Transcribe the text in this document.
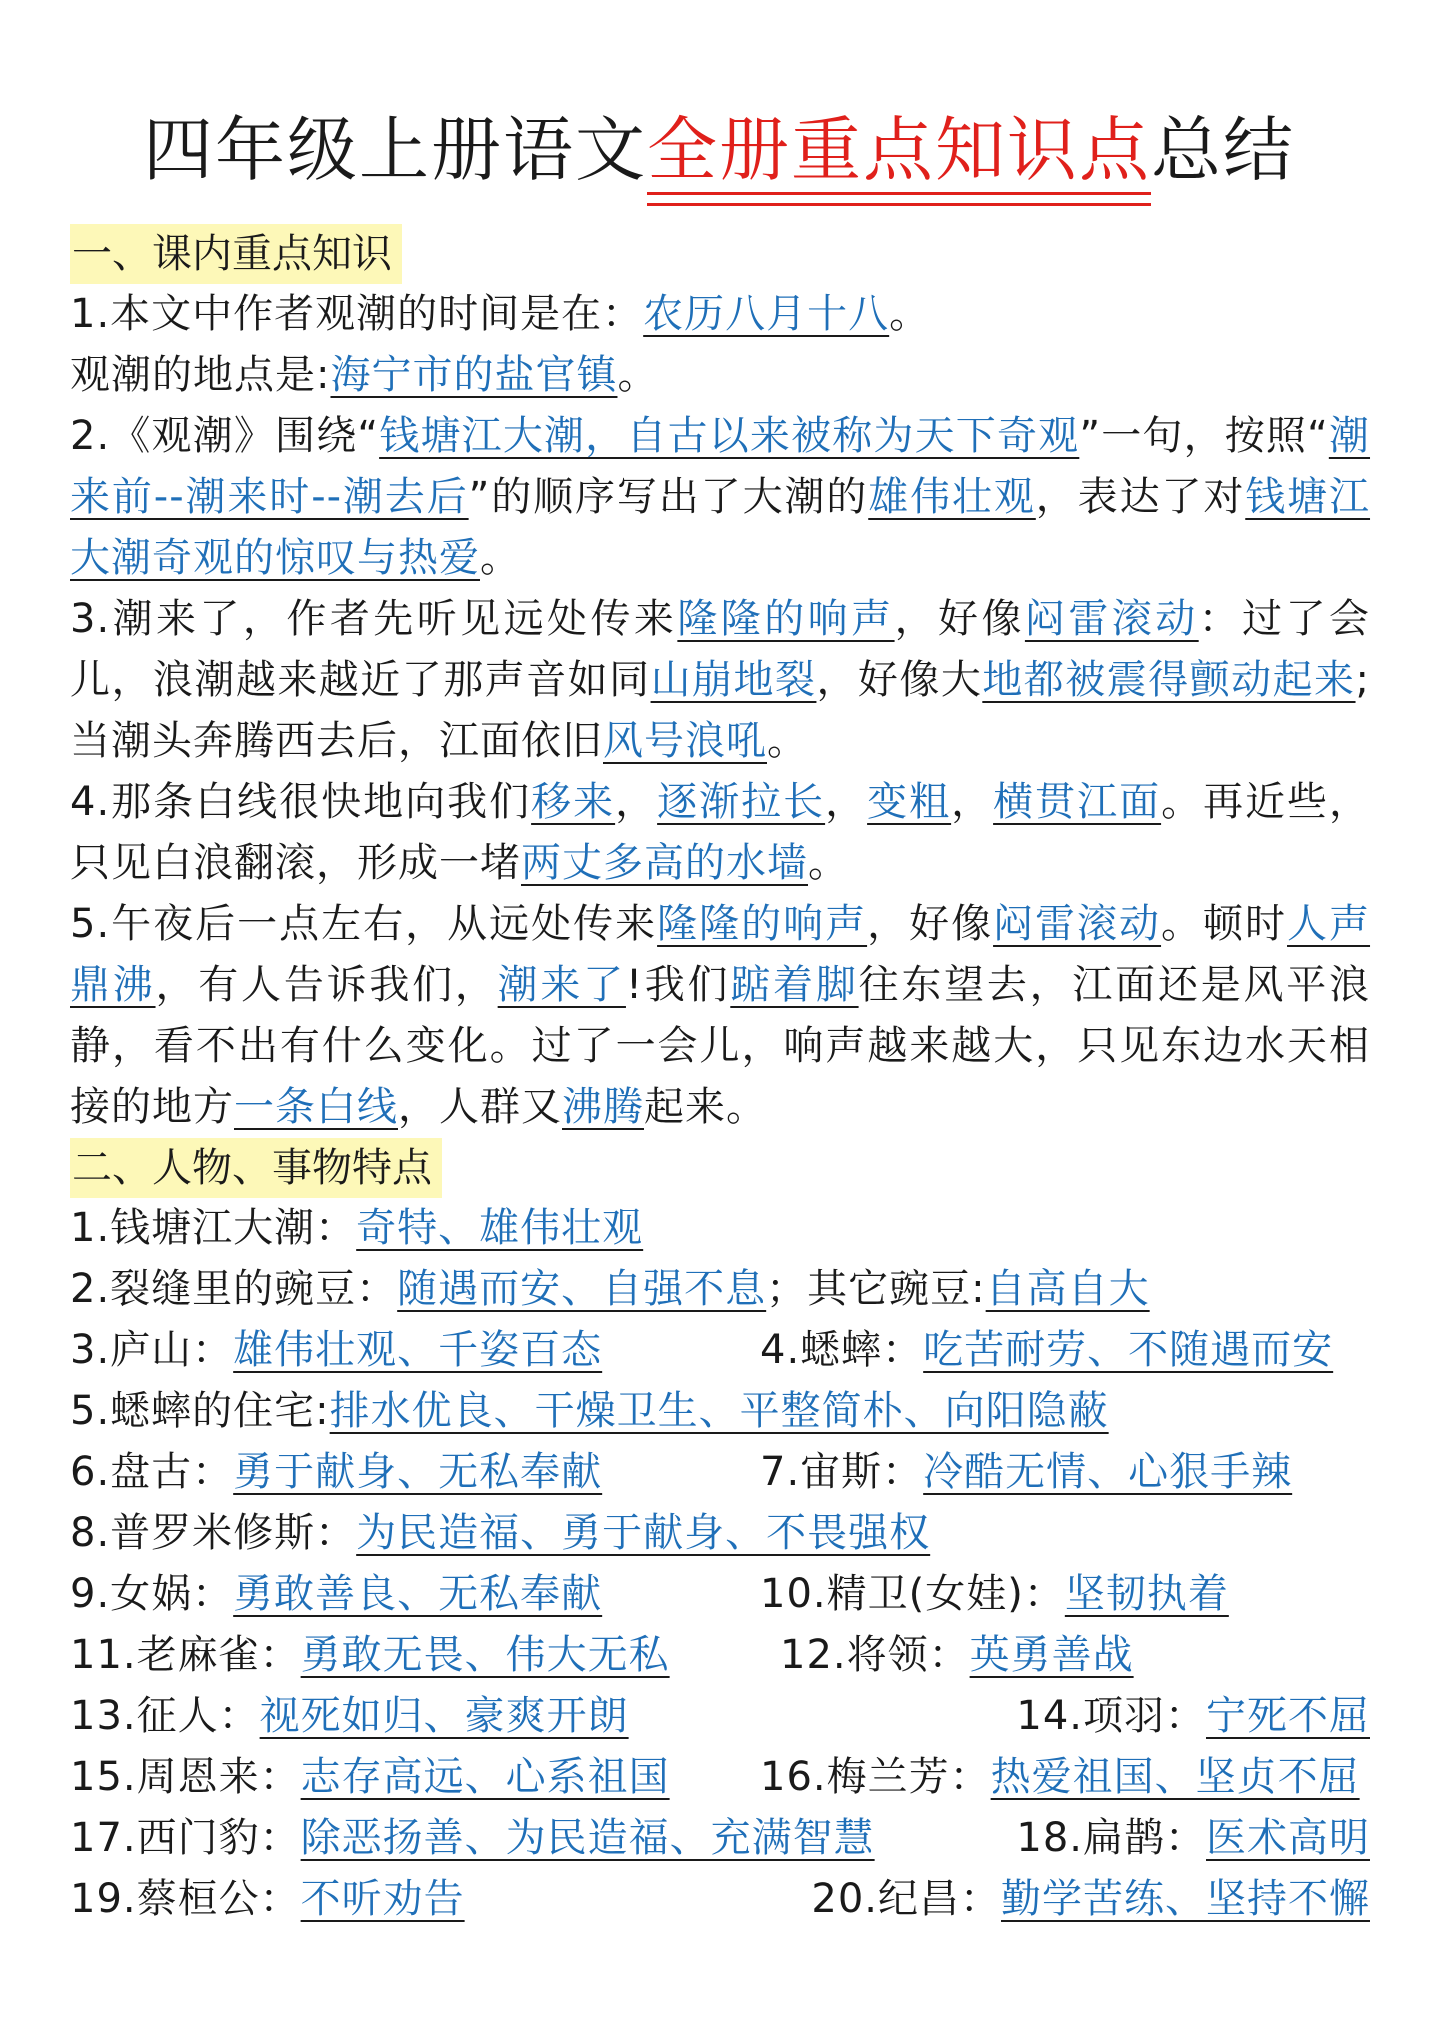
四年级上册语文全册重点知识点总结
一、课内重点知识
1.本文中作者观潮的时间是在：农历八月十八。
观潮的地点是:海宁市的盐官镇。
2.《观潮》围绕“钱塘江大潮，自古以来被称为天下奇观”一句，按照“潮来前--潮来时--潮去后”的顺序写出了大潮的雄伟壮观，表达了对钱塘江大潮奇观的惊叹与热爱。
3.潮来了，作者先听见远处传来隆隆的响声，好像闷雷滚动：过了会儿，浪潮越来越近了那声音如同山崩地裂，好像大地都被震得颤动起来;当潮头奔腾西去后，江面依旧风号浪吼。
4.那条白线很快地向我们移来，逐渐拉长，变粗，横贯江面。再近些，只见白浪翻滚，形成一堵两丈多高的水墙。
5.午夜后一点左右，从远处传来隆隆的响声，好像闷雷滚动。顿时人声鼎沸，有人告诉我们，潮来了!我们踮着脚往东望去，江面还是风平浪静，看不出有什么变化。过了一会儿，响声越来越大，只见东边水天相接的地方一条白线，人群又沸腾起来。
二、人物、事物特点
1.钱塘江大潮：奇特、雄伟壮观
2.裂缝里的豌豆：随遇而安、自强不息；其它豌豆:自高自大
3.庐山：雄伟壮观、千姿百态	4.蟋蟀：吃苦耐劳、不随遇而安
5.蟋蟀的住宅:排水优良、干燥卫生、平整简朴、向阳隐蔽
6.盘古：勇于献身、无私奉献	7.宙斯：冷酷无情、心狠手辣
8.普罗米修斯：为民造福、勇于献身、不畏强权
9.女娲：勇敢善良、无私奉献	10.精卫(女娃)：坚韧执着
11.老麻雀：勇敢无畏、伟大无私	12.将领：英勇善战
13.征人：视死如归、豪爽开朗	14.项羽：宁死不屈
15.周恩来：志存高远、心系祖国 16.梅兰芳：热爱祖国、坚贞不屈
17.西门豹：除恶扬善、为民造福、充满智慧	18.扁鹊：医术高明
19.蔡桓公：不听劝告	20.纪昌：勤学苦练、坚持不懈
